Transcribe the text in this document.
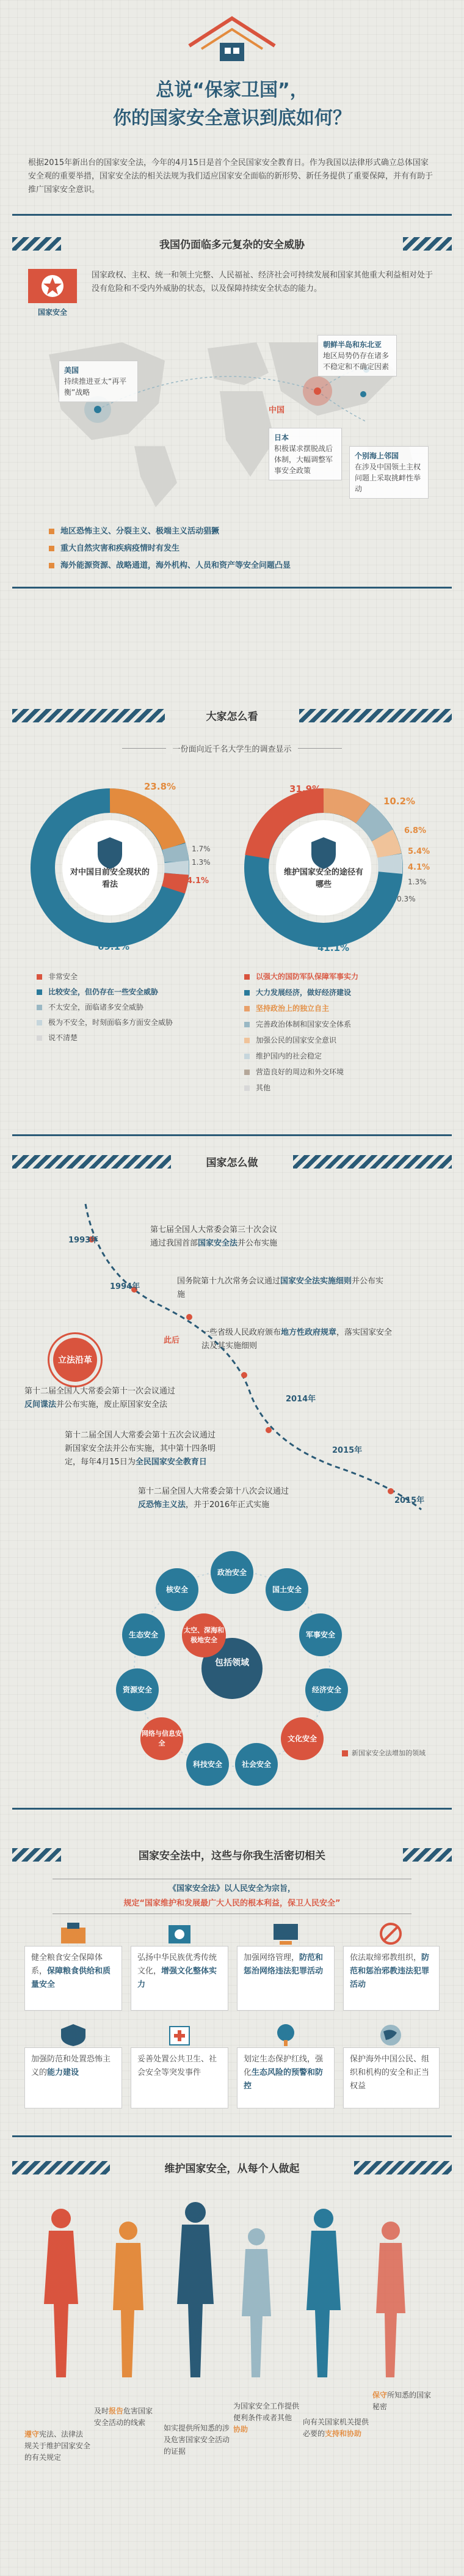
总说“保家卫国”，
你的国家安全意识到底如何？
根据2015年新出台的国家安全法，今年的4月15日是首个全民国家安全教育日。作为我国以法律形式确立总体国家安全观的重要举措，国家安全法的相关法规为我们适应国家安全面临的新形势、新任务提供了重要保障，并有有助于推广国家安全意识。
我国仍面临多元复杂的安全威胁
国家安全
国家政权、主权、统一和领土完整、人民福祉、经济社会可持续发展和国家其他重大利益相对处于没有危险和不受内外威胁的状态，以及保障持续安全状态的能力。
美国
持续推进亚太“再平衡”战略
朝鲜半岛和东北亚
地区局势仍存在诸多不稳定和不确定因素
中国
日本
积极谋求摆脱战后体制，大幅调整军事安全政策
个别海上邻国
在涉及中国领土主权问题上采取挑衅性举动
地区恐怖主义、分裂主义、极端主义活动猖獗
重大自然灾害和疾病疫情时有发生
海外能源资源、战略通道，海外机构、人员和资产等安全问题凸显
大家怎么看
$^{一份面向近千名大学生的调查显示}$
对中国目前安全现状的看法
23.8%
1.7%
1.3%
4.1%
69.1%
维护国家安全的途径有哪些
31.9%
10.2%
6.8%
5.4%
4.1%
1.3%
41.1%
0.3%
非常安全
比较安全，但仍存在一些安全威胁
不太安全，面临诸多安全威胁
极为不安全，时刻面临多方面安全威胁
说不清楚
以强大的国防军队保障军事实力
大力发展经济，做好经济建设
坚持政治上的独立自主
完善政治体制和国家安全体系
加强公民的国家安全意识
维护国内的社会稳定
营造良好的周边和外交环境
其他
国家怎么做
1993年
第七届全国人大常委会第三十次会议
通过我国首部国家安全法并公布实施
1994年
国务院第十九次常务会议通过国家安全法实施细则并公布实施
立法沿革
此后
一些省级人民政府颁布地方性政府规章，落实国家安全法及其实施细则
2014年
第十二届全国人大常委会第十一次会议通过
反间谍法并公布实施，废止原国家安全法
2015年
第十二届全国人大常委会第十五次会议通过
新国家安全法并公布实施，其中第十四条明
定，每年4月15日为全民国家安全教育日
2015年
第十二届全国人大常委会第十八次会议通过
反恐怖主义法，并于2016年正式实施
包括领域
政治安全
国土安全
军事安全
经济安全
文化安全
社会安全
科技安全
网络与信息安全
资源安全
生态安全
核安全
太空、深海和极地安全
新国家安全法增加的领域
国家安全法中，这些与你我生活密切相关
《国家安全法》以人民安全为宗旨，
规定“国家维护和发展最广大人民的根本利益，保卫人民安全”
健全粮食安全保障体系，保障粮食供给和质量安全
弘扬中华民族优秀传统文化，增强文化整体实力
加强网络管理，防范和惩治网络违法犯罪活动
依法取缔邪教组织，防范和惩治邪教违法犯罪活动
加强防范和处置恐怖主义的能力建设
妥善处置公共卫生、社会安全等突发事件
划定生态保护红线，强化生态风险的预警和防控
保护海外中国公民、组织和机构的安全和正当权益
维护国家安全，从每个人做起
遵守宪法、法律法规关于维护国家安全的有关规定
及时报告危害国家安全活动的线索
如实提供所知悉的涉及危害国家安全活动的证据
为国家安全工作提供便利条件或者其他协助
向有关国家机关提供必要的支持和协助
保守所知悉的国家秘密
